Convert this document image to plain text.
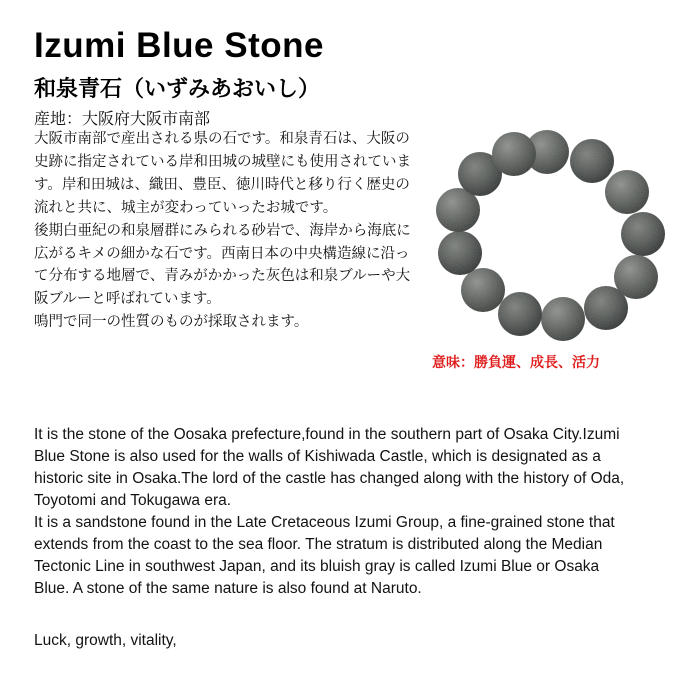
Izumi Blue Stone
和泉青石（いずみあおいし）
産地：大阪府大阪市南部

大阪市南部で産出される県の石です。和泉青石は、大阪の史跡に指定されている岸和田城の城壁にも使用されています。岸和田城は、織田、豊臣、徳川時代と移り行く歴史の流れと共に、城主が変わっていったお城です。

後期白亜紀の和泉層群にみられる砂岩で、海岸から海底に広がるキメの細かな石です。西南日本の中央構造線に沿って分布する地層で、青みがかかった灰色は和泉ブルーや大阪ブルーと呼ばれています。

鳴門で同一の性質のものが採取されます。

意味：勝負運、成長、活力

It is the stone of the Oosaka prefecture,found in the southern part of Osaka City.Izumi Blue Stone is also used for the walls of Kishiwada Castle, which is designated as a historic site in Osaka.The lord of the castle has changed along with the history of Oda, Toyotomi and Tokugawa era.

It is a sandstone found in the Late Cretaceous Izumi Group, a fine-grained stone that extends from the coast to the sea floor. The stratum is distributed along the Median Tectonic Line in southwest Japan, and its bluish gray is called Izumi Blue or Osaka Blue. A stone of the same nature is also found at Naruto.

Luck, growth, vitality,
